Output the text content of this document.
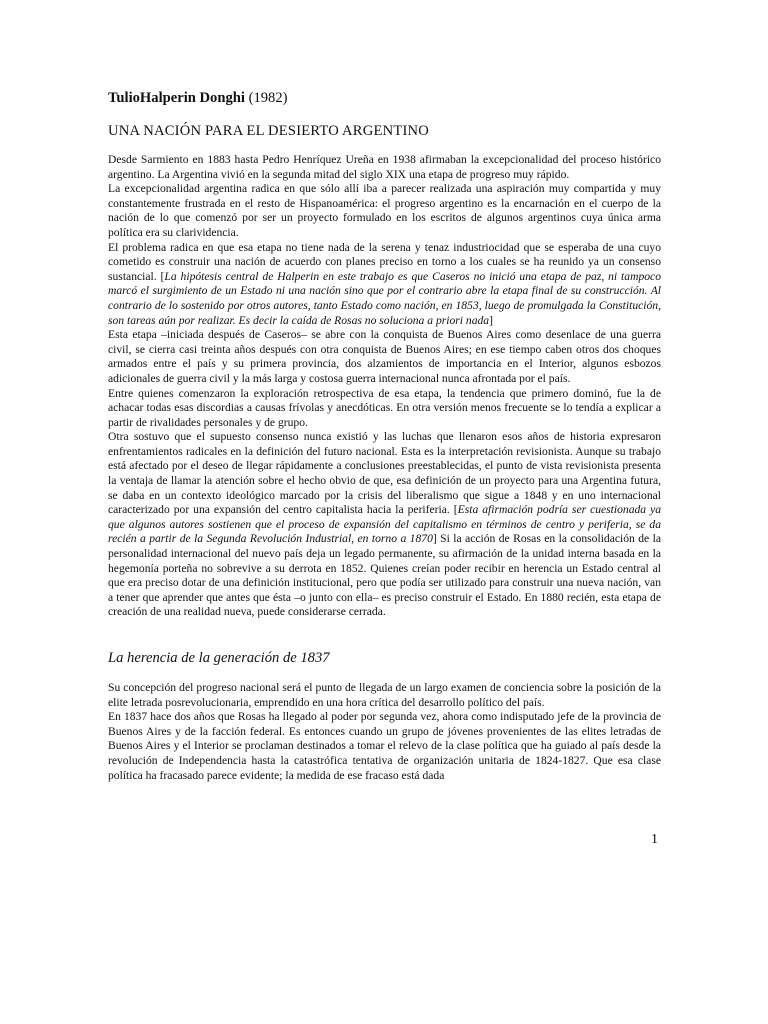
TulioHalperin Donghi (1982)
UNA NACIÓN PARA EL DESIERTO ARGENTINO

Desde Sarmiento en 1883 hasta Pedro Henríquez Ureña en 1938 afirmaban la excepcionalidad del proceso histórico argentino. La Argentina vivió en la segunda mitad del siglo XIX una etapa de progreso muy rápido.

La excepcionalidad argentina radica en que sólo allí iba a parecer realizada una aspiración muy compartida y muy constantemente frustrada en el resto de Hispanoamérica: el progreso argentino es la encarnación en el cuerpo de la nación de lo que comenzó por ser un proyecto formulado en los escritos de algunos argentinos cuya única arma política era su clarividencia.

El problema radica en que esa etapa no tiene nada de la serena y tenaz industriocidad que se esperaba de una cuyo cometido es construir una nación de acuerdo con planes preciso en torno a los cuales se ha reunido ya un consenso sustancial. [La hipótesis central de Halperin en este trabajo es que Caseros no inició una etapa de paz, ni tampoco marcó el surgimiento de un Estado ni una nación sino que por el contrario abre la etapa final de su construcción. Al contrario de lo sostenido por otros autores, tanto Estado como nación, en 1853, luego de promulgada la Constitución, son tareas aún por realizar. Es decir la caída de Rosas no soluciona a priori nada]

Esta etapa –iniciada después de Caseros– se abre con la conquista de Buenos Aires como desenlace de una guerra civil, se cierra casi treinta años después con otra conquista de Buenos Aires; en ese tiempo caben otros dos choques armados entre el país y su primera provincia, dos alzamientos de importancia en el Interior, algunos esbozos adicionales de guerra civil y la más larga y costosa guerra internacional nunca afrontada por el país.

Entre quienes comenzaron la exploración retrospectiva de esa etapa, la tendencia que primero dominó, fue la de achacar todas esas discordias a causas frívolas y anecdóticas. En otra versión menos frecuente se lo tendía a explicar a partir de rivalidades personales y de grupo.

Otra sostuvo que el supuesto consenso nunca existió y las luchas que llenaron esos años de historia expresaron enfrentamientos radicales en la definición del futuro nacional. Esta es la interpretación revisionista. Aunque su trabajo está afectado por el deseo de llegar rápidamente a conclusiones preestablecidas, el punto de vista revisionista presenta la ventaja de llamar la atención sobre el hecho obvio de que, esa definición de un proyecto para una Argentina futura, se daba en un contexto ideológico marcado por la crisis del liberalismo que sigue a 1848 y en uno internacional caracterizado por una expansión del centro capitalista hacia la periferia. [Esta afirmación podría ser cuestionada ya que algunos autores sostienen que el proceso de expansión del capitalismo en términos de centro y periferia, se da recién a partir de la Segunda Revolución Industrial, en torno a 1870] Si la acción de Rosas en la consolidación de la personalidad internacional del nuevo país deja un legado permanente, su afirmación de la unidad interna basada en la hegemonía porteña no sobrevive a su derrota en 1852. Quienes creían poder recibir en herencia un Estado central al que era preciso dotar de una definición institucional, pero que podía ser utilizado para construir una nueva nación, van a tener que aprender que antes que ésta –o junto con ella– es preciso construir el Estado. En 1880 recién, esta etapa de creación de una realidad nueva, puede considerarse cerrada.

La herencia de la generación de 1837

Su concepción del progreso nacional será el punto de llegada de un largo examen de conciencia sobre la posición de la elite letrada posrevolucionaria, emprendido en una hora crítica del desarrollo político del país.

En 1837 hace dos años que Rosas ha llegado al poder por segunda vez, ahora como indisputado jefe de la provincia de Buenos Aires y de la facción federal. Es entonces cuando un grupo de jóvenes provenientes de las elites letradas de Buenos Aires y el Interior se proclaman destinados a tomar el relevo de la clase política que ha guiado al país desde la revolución de Independencia hasta la catastrófica tentativa de organización unitaria de 1824-1827. Que esa clase política ha fracasado parece evidente; la medida de ese fracaso está dada

1
